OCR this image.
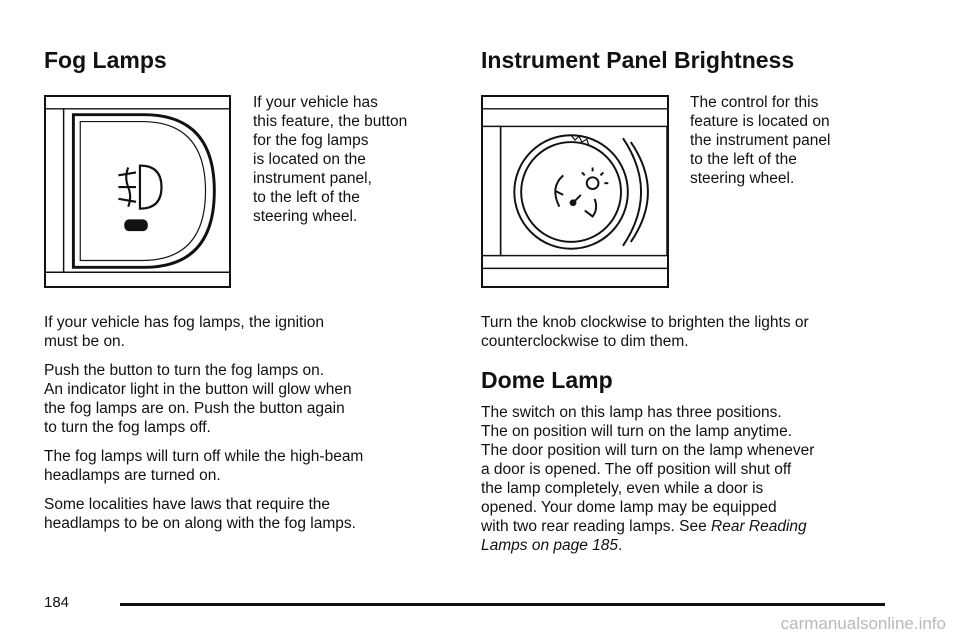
Fog Lamps
If your vehicle has
this feature, the button
for the fog lamps
is located on the
instrument panel,
to the left of the
steering wheel.

If your vehicle has fog lamps, the ignition
must be on.

Push the button to turn the fog lamps on.
An indicator light in the button will glow when
the fog lamps are on. Push the button again
to turn the fog lamps off.

The fog lamps will turn off while the high-beam
headlamps are turned on.

Some localities have laws that require the
headlamps to be on along with the fog lamps.

Instrument Panel Brightness
The control for this
feature is located on
the instrument panel
to the left of the
steering wheel.

Turn the knob clockwise to brighten the lights or
counterclockwise to dim them.

Dome Lamp

The switch on this lamp has three positions.
The on position will turn on the lamp anytime.
The door position will turn on the lamp whenever
a door is opened. The off position will shut off
the lamp completely, even while a door is
opened. Your dome lamp may be equipped
with two rear reading lamps. See Rear Reading
Lamps on page 185.

184
carmanualsonline.info
